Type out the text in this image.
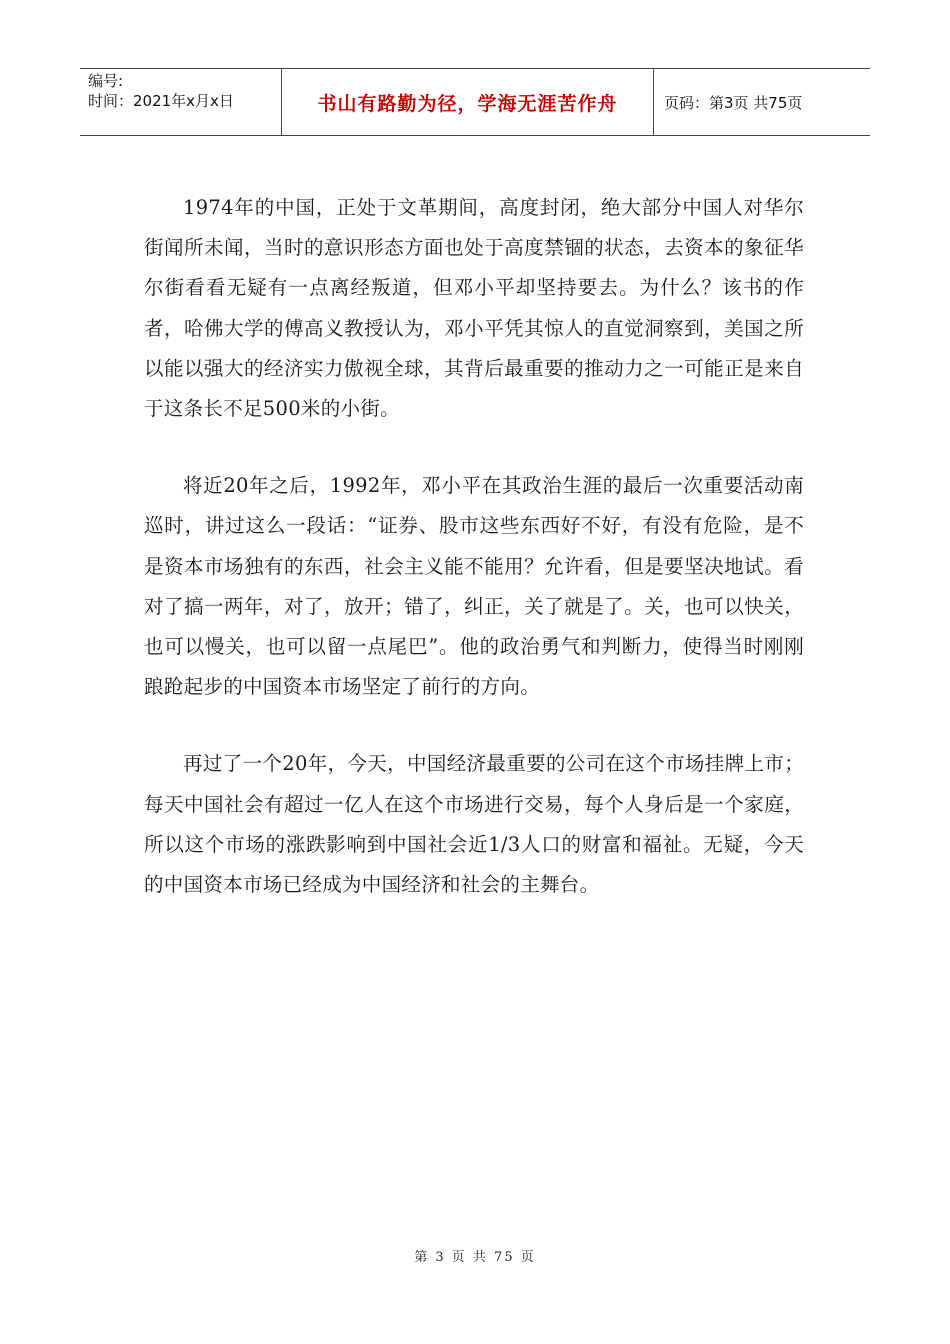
编号:
时间：2021年x月x日	书山有路勤为径，学海无涯苦作舟	页码：第3页 共75页

1974年的中国，正处于文革期间，高度封闭，绝大部分中国人对华尔街闻所未闻，当时的意识形态方面也处于高度禁锢的状态，去资本的象征华尔街看看无疑有一点离经叛道，但邓小平却坚持要去。为什么？该书的作者，哈佛大学的傅高义教授认为，邓小平凭其惊人的直觉洞察到，美国之所以能以强大的经济实力傲视全球，其背后最重要的推动力之一可能正是来自于这条长不足500米的小街。

将近20年之后，1992年，邓小平在其政治生涯的最后一次重要活动南巡时，讲过这么一段话：“证券、股市这些东西好不好，有没有危险，是不是资本市场独有的东西，社会主义能不能用？允许看，但是要坚决地试。看对了搞一两年，对了，放开；错了，纠正，关了就是了。关，也可以快关，也可以慢关，也可以留一点尾巴”。他的政治勇气和判断力，使得当时刚刚踉跄起步的中国资本市场坚定了前行的方向。

再过了一个20年，今天，中国经济最重要的公司在这个市场挂牌上市；每天中国社会有超过一亿人在这个市场进行交易，每个人身后是一个家庭，所以这个市场的涨跌影响到中国社会近1/3人口的财富和福祉。无疑，今天的中国资本市场已经成为中国经济和社会的主舞台。

第 3 页 共 75 页
